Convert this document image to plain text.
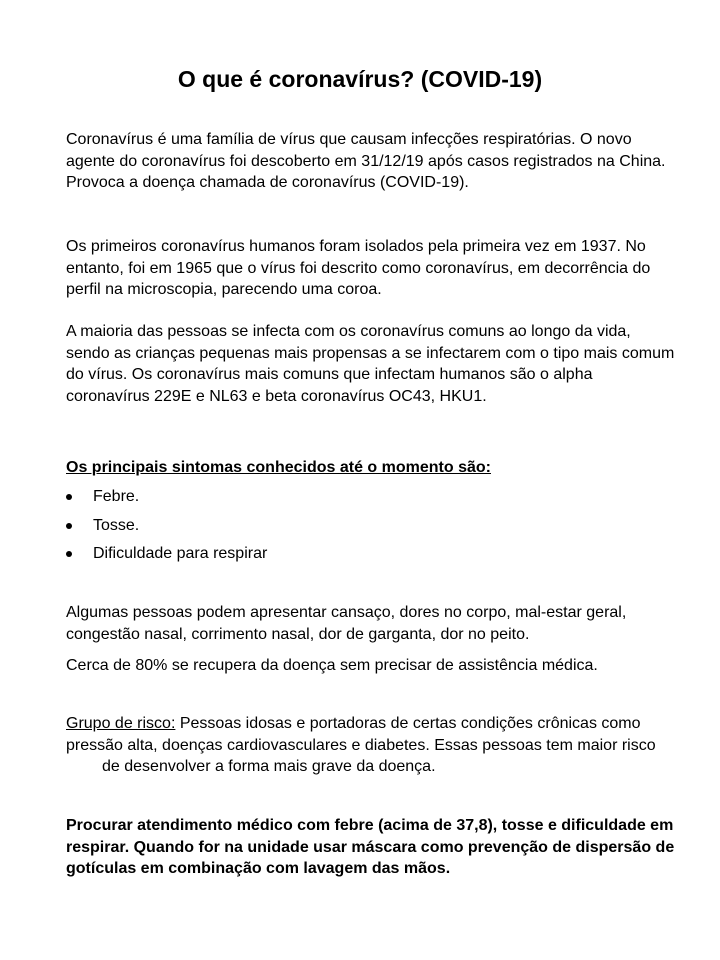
O que é coronavírus? (COVID-19)

Coronavírus é uma família de vírus que causam infecções respiratórias. O novo agente do coronavírus foi descoberto em 31/12/19 após casos registrados na China. Provoca a doença chamada de coronavírus (COVID-19).

Os primeiros coronavírus humanos foram isolados pela primeira vez em 1937. No entanto, foi em 1965 que o vírus foi descrito como coronavírus, em decorrência do perfil na microscopia, parecendo uma coroa.

A maioria das pessoas se infecta com os coronavírus comuns ao longo da vida, sendo as crianças pequenas mais propensas a se infectarem com o tipo mais comum do vírus. Os coronavírus mais comuns que infectam humanos são o alpha coronavírus 229E e NL63 e beta coronavírus OC43, HKU1.

Os principais sintomas conhecidos até o momento são:
Febre.
Tosse.
Dificuldade para respirar

Algumas pessoas podem apresentar cansaço, dores no corpo, mal-estar geral, congestão nasal, corrimento nasal, dor de garganta, dor no peito.

Cerca de 80% se recupera da doença sem precisar de assistência médica.

Grupo de risco: Pessoas idosas e portadoras de certas condições crônicas como pressão alta, doenças cardiovasculares e diabetes. Essas pessoas tem maior riscode desenvolver a forma mais grave da doença.

Procurar atendimento médico com febre (acima de 37,8), tosse e dificuldade em respirar. Quando for na unidade usar máscara como prevenção de dispersão de gotículas em combinação com lavagem das mãos.
